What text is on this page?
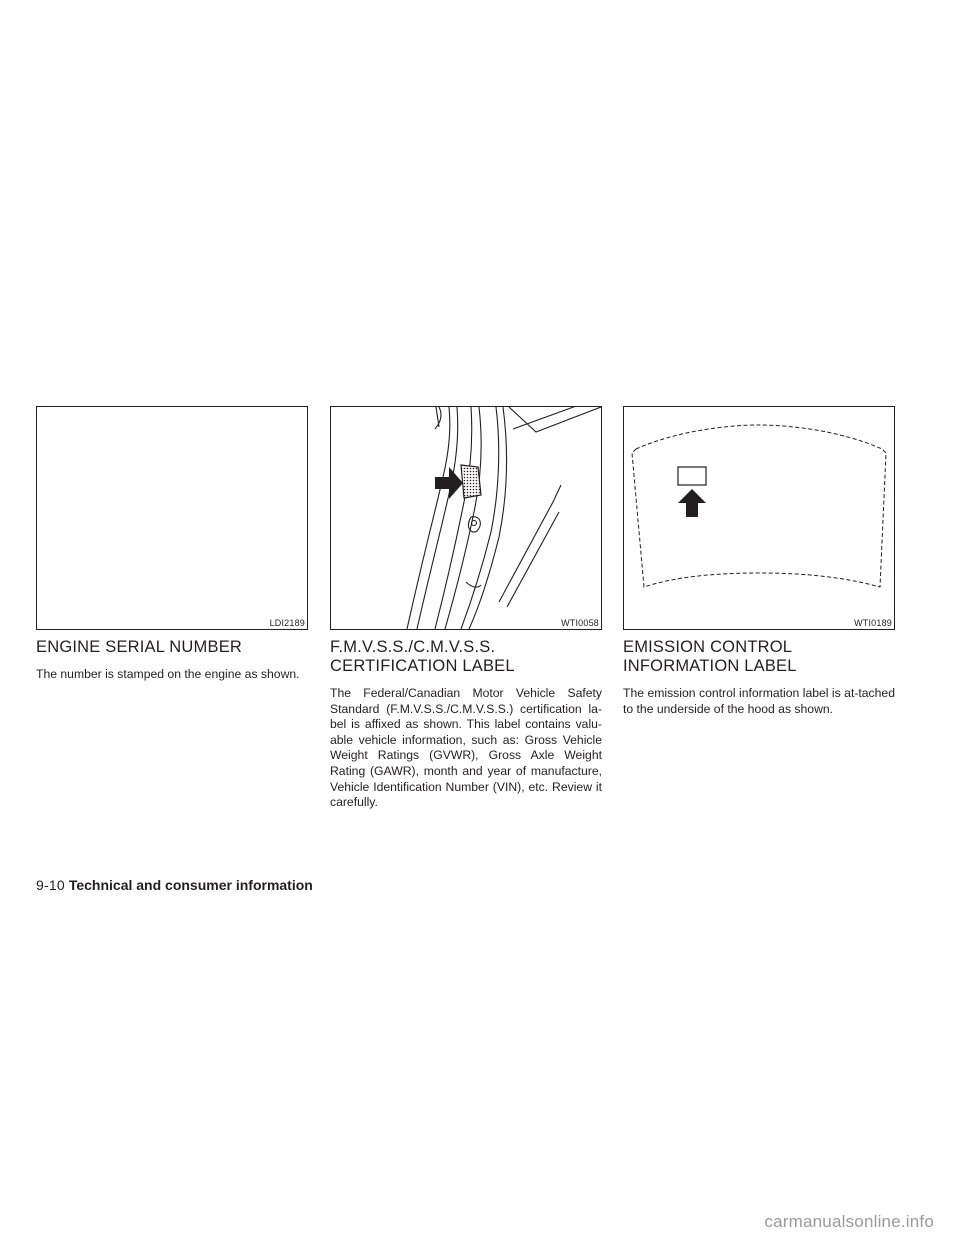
LDI2189
ENGINE SERIAL NUMBER

The number is stamped on the engine as shown.

WTI0058
F.M.V.S.S./C.M.V.S.S.
CERTIFICATION LABEL

The Federal/Canadian Motor Vehicle Safety Standard (F.M.V.S.S./C.M.V.S.S.) certification la-bel is affixed as shown. This label contains valu-able vehicle information, such as: Gross Vehicle Weight Ratings (GVWR), Gross Axle Weight Rating (GAWR), month and year of manufacture, Vehicle Identification Number (VIN), etc. Review it carefully.

WTI0189
EMISSION CONTROL
INFORMATION LABEL

The emission control information label is at-tached to the underside of the hood as shown.

9-10 Technical and consumer information
carmanualsonline.info
